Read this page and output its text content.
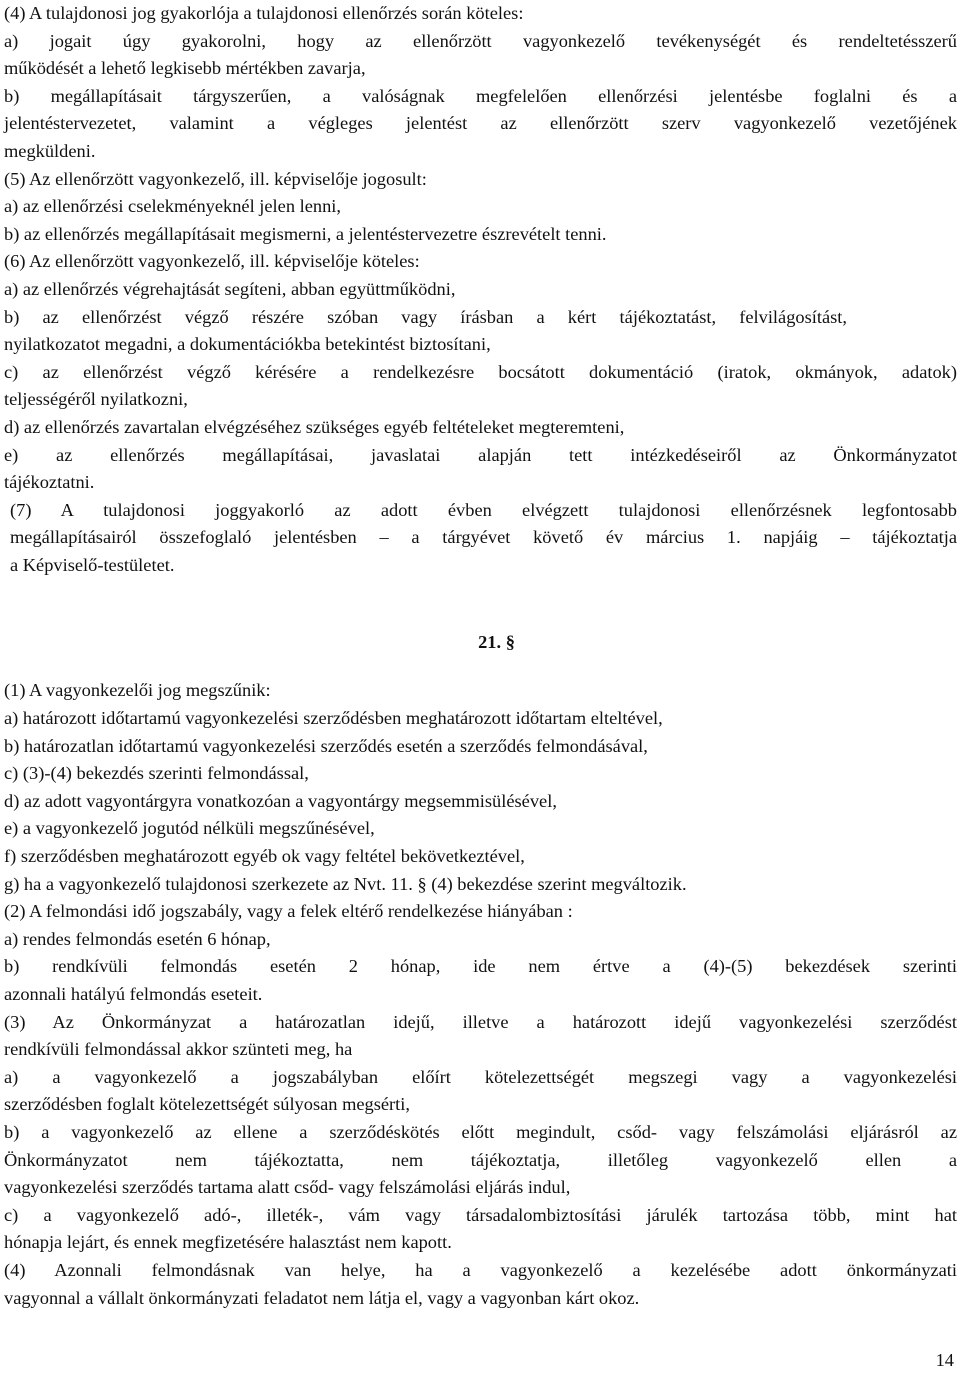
(4) A tulajdonosi jog gyakorlója a tulajdonosi ellenőrzés során köteles:
a) jogait úgy gyakorolni, hogy az ellenőrzött vagyonkezelő tevékenységét és rendeltetésszerű
működését a lehető legkisebb mértékben zavarja,
b) megállapításait tárgyszerűen, a valóságnak megfelelően ellenőrzési jelentésbe foglalni és a
jelentéstervezetet, valamint a végleges jelentést az ellenőrzött szerv vagyonkezelő vezetőjének
megküldeni.
(5) Az ellenőrzött vagyonkezelő, ill. képviselője jogosult:
a) az ellenőrzési cselekményeknél jelen lenni,
b) az ellenőrzés megállapításait megismerni, a jelentéstervezetre észrevételt tenni.
(6) Az ellenőrzött vagyonkezelő, ill. képviselője köteles:
a) az ellenőrzés végrehajtását segíteni, abban együttműködni,
b) az ellenőrzést végző részére szóban vagy írásban a kért tájékoztatást, felvilágosítást,
nyilatkozatot megadni, a dokumentációkba betekintést biztosítani,
c) az ellenőrzést végző kérésére a rendelkezésre bocsátott dokumentáció (iratok, okmányok, adatok)
teljességéről nyilatkozni,
d) az ellenőrzés zavartalan elvégzéséhez szükséges egyéb feltételeket megteremteni,
e) az ellenőrzés megállapításai, javaslatai alapján tett intézkedéseiről az Önkormányzatot
tájékoztatni.
(7) A tulajdonosi joggyakorló az adott évben elvégzett tulajdonosi ellenőrzésnek legfontosabb
megállapításairól összefoglaló jelentésben – a tárgyévet követő év március 1. napjáig – tájékoztatja
a Képviselő-testületet.
21. §
(1) A vagyonkezelői jog megszűnik:
a) határozott időtartamú vagyonkezelési szerződésben meghatározott időtartam elteltével,
b) határozatlan időtartamú vagyonkezelési szerződés esetén a szerződés felmondásával,
c) (3)-(4) bekezdés szerinti felmondással,
d) az adott vagyontárgyra vonatkozóan a vagyontárgy megsemmisülésével,
e) a vagyonkezelő jogutód nélküli megszűnésével,
f) szerződésben meghatározott egyéb ok vagy feltétel bekövetkeztével,
g) ha a vagyonkezelő tulajdonosi szerkezete az Nvt. 11. § (4) bekezdése szerint megváltozik.
(2) A felmondási idő jogszabály, vagy a felek eltérő rendelkezése hiányában :
a) rendes felmondás esetén 6 hónap,
b) rendkívüli felmondás esetén 2 hónap, ide nem értve a (4)-(5) bekezdések szerinti
azonnali hatályú felmondás eseteit.
(3) Az Önkormányzat a határozatlan idejű, illetve a határozott idejű vagyonkezelési szerződést
rendkívüli felmondással akkor szünteti meg, ha
a) a vagyonkezelő a jogszabályban előírt kötelezettségét megszegi vagy a vagyonkezelési
szerződésben foglalt kötelezettségét súlyosan megsérti,
b) a vagyonkezelő az ellene a szerződéskötés előtt megindult, csőd- vagy felszámolási eljárásról az
Önkormányzatot nem tájékoztatta, nem tájékoztatja, illetőleg vagyonkezelő ellen a
vagyonkezelési szerződés tartama alatt csőd- vagy felszámolási eljárás indul,
c) a vagyonkezelő adó-, illeték-, vám vagy társadalombiztosítási járulék tartozása több, mint hat
hónapja lejárt, és ennek megfizetésére halasztást nem kapott.
(4) Azonnali felmondásnak van helye, ha a vagyonkezelő a kezelésébe adott önkormányzati
vagyonnal a vállalt önkormányzati feladatot nem látja el, vagy a vagyonban kárt okoz.
14
